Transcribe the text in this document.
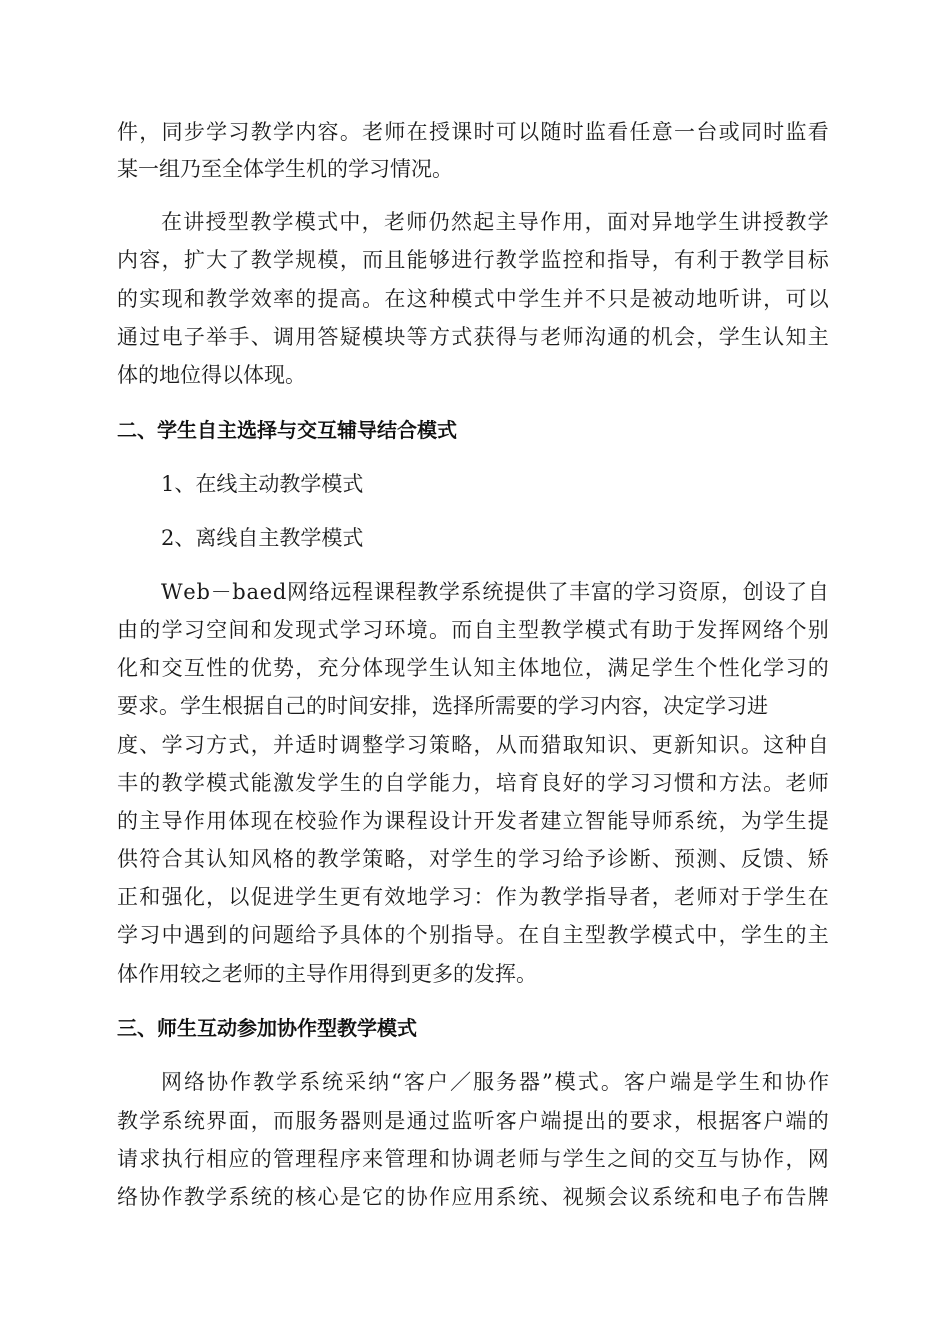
件 ， 同 步 学 习 教 学 内 容 。 老 师 在 授 课 时 可 以 随 时 监 看 任 意 一 台 或 同 时 监 看
某一组乃至全体学生机的学习情况。
在 讲 授 型 教 学 模 式 中 ， 老 师 仍 然 起 主 导 作 用 ， 面 对 异 地 学 生 讲 授 教 学
内 容 ， 扩 大 了 教 学 规 模 ， 而 且 能 够 进 行 教 学 监 控 和 指 导 ， 有 利 于 教 学 目 标
的 实 现 和 教 学 效 率 的 提 高 。 在 这 种 模 式 中 学 生 并 不 只 是 被 动 地 听 讲 ， 可 以
通 过 电 子 举 手 、 调 用 答 疑 模 块 等 方 式 获 得 与 老 师 沟 通 的 机 会 ， 学 生 认 知 主
体的地位得以体现。
二、学生自主选择与交互辅导结合模式
1、在线主动教学模式
2、离线自主教学模式
W e b － b a e d 网 络 远 程 课 程 教 学 系 统 提 供 了 丰 富 的 学 习 资 原 ， 创 设 了 自
由 的 学 习 空 间 和 发 现 式 学 习 环 境 。 而 自 主 型 教 学 模 式 有 助 于 发 挥 网 络 个 别
化 和 交 互 性 的 优 势 ， 充 分 体 现 学 生 认 知 主 体 地 位 ， 满 足 学 生 个 性 化 学 习 的
要求。学生根据自己的时间安排，选择所需要的学习内容，决定学习进
度 、 学 习 方 式 ， 并 适 时 调 整 学 习 策 略 ， 从 而 猎 取 知 识 、 更 新 知 识 。 这 种 自
丰 的 教 学 模 式 能 激 发 学 生 的 自 学 能 力 ， 培 育 良 好 的 学 习 习 惯 和 方 法 。 老 师
的 主 导 作 用 体 现 在 校 验 作 为 课 程 设 计 开 发 者 建 立 智 能 导 师 系 统 ， 为 学 生 提
供 符 合 其 认 知 风 格 的 教 学 策 略 ， 对 学 生 的 学 习 给 予 诊 断 、 预 测 、 反 馈 、 矫
正 和 强 化 ， 以 促 进 学 生 更 有 效 地 学 习 ： 作 为 教 学 指 导 者 ， 老 师 对 于 学 生 在
学 习 中 遇 到 的 问 题 给 予 具 体 的 个 别 指 导 。 在 自 主 型 教 学 模 式 中 ， 学 生 的 主
体作用较之老师的主导作用得到更多的发挥。
三、师生互动参加协作型教学模式
网 络 协 作 教 学 系 统 采 纳 “ 客 户 ／ 服 务 器 ” 模 式 。 客 户 端 是 学 生 和 协 作
教 学 系 统 界 面 ， 而 服 务 器 则 是 通 过 监 听 客 户 端 提 出 的 要 求 ， 根 据 客 户 端 的
请 求 执 行 相 应 的 管 理 程 序 来 管 理 和 协 调 老 师 与 学 生 之 间 的 交 互 与 协 作 ， 网
络 协 作 教 学 系 统 的 核 心 是 它 的 协 作 应 用 系 统 、 视 频 会 议 系 统 和 电 子 布 告 牌
